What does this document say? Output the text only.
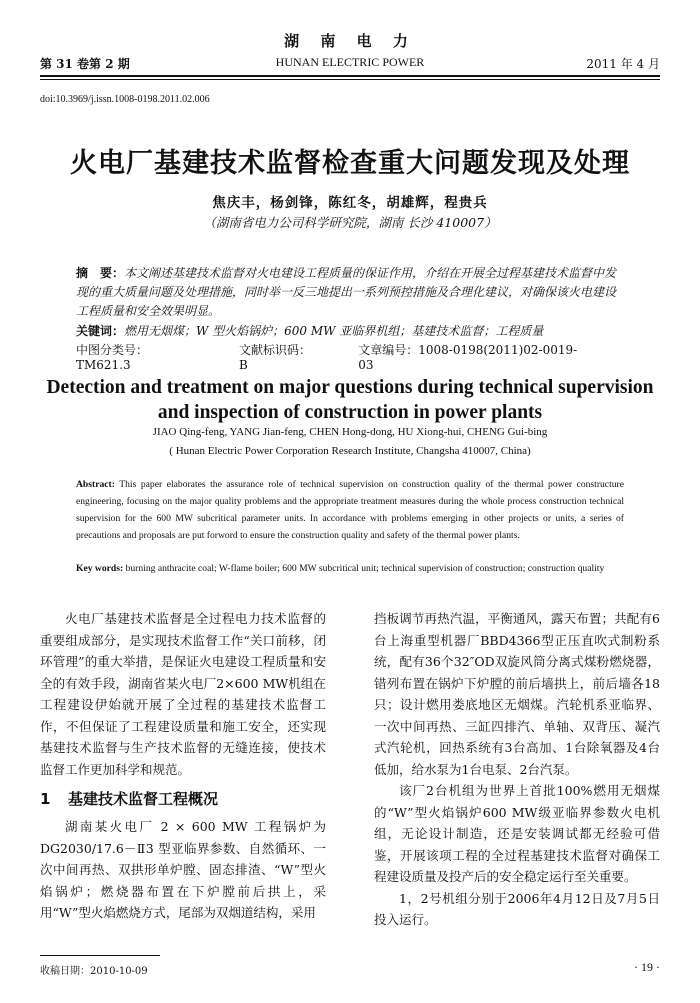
湖 南 电 力
HUNAN ELECTRIC POWER
第 31 卷第 2 期	2011 年 4 月
doi:10.3969/j.issn.1008-0198.2011.02.006
火电厂基建技术监督检查重大问题发现及处理
焦庆丰，杨剑锋，陈红冬，胡雄辉，程贵兵
（湖南省电力公司科学研究院，湖南 长沙 410007）
摘　要：本文阐述基建技术监督对火电建设工程质量的保证作用，介绍在开展全过程基建技术监督中发现的重大质量问题及处理措施，同时举一反三地提出一系列预控措施及合理化建议，对确保该火电建设工程质量和安全效果明显。
关键词：燃用无烟煤；W 型火焰锅炉；600 MW 亚临界机组；基建技术监督；工程质量
中图分类号：TM621.3
文献标识码：B
文章编号：1008-0198(2011)02-0019-03
Detection and treatment on major questions during technical supervision and inspection of construction in power plants
JIAO Qing-feng, YANG Jian-feng, CHEN Hong-dong, HU Xiong-hui, CHENG Gui-bing
( Hunan Electric Power Corporation Research Institute, Changsha 410007, China)
Abstract: This paper elaborates the assurance role of technical supervision on construction quality of the thermal power constructure engineering, focusing on the major quality problems and the appropriate treatment measures during the whole process construction technical supervision for the 600 MW subcritical parameter units. In accordance with problems emerging in other projects or units, a series of precautions and proposals are put forword to ensure the construction quality and safety of the thermal power plants.
Key words: burning anthracite coal; W-flame boiler; 600 MW subcritical unit; technical supervision of construction; construction quality

火电厂基建技术监督是全过程电力技术监督的重要组成部分，是实现技术监督工作“关口前移，闭环管理”的重大举措，是保证火电建设工程质量和安全的有效手段，湖南省某火电厂2×600 MW机组在工程建设伊始就开展了全过程的基建技术监督工作，不但保证了工程建设质量和施工安全，还实现基建技术监督与生产技术监督的无缝连接，使技术监督工作更加科学和规范。

1 基建技术监督工程概况

湖南某火电厂 2 × 600 MW 工程锅炉为 DG2030/17.6－Ⅱ3 型亚临界参数、自然循环、一次中间再热、双拱形单炉膛、固态排渣、“W”型火焰锅炉；燃烧器布置在下炉膛前后拱上，采用“W”型火焰燃烧方式，尾部为双烟道结构，采用

挡板调节再热汽温，平衡通风，露天布置；共配有6台上海重型机器厂BBD4366型正压直吹式制粉系统，配有36个32″OD双旋风筒分离式煤粉燃烧器，错列布置在锅炉下炉膛的前后墙拱上，前后墙各18只；设计燃用娄底地区无烟煤。汽轮机系亚临界、一次中间再热、三缸四排汽、单轴、双背压、凝汽式汽轮机，回热系统有3台高加、1台除氧器及4台低加，给水泵为1台电泵、2台汽泵。

该厂2台机组为世界上首批100%燃用无烟煤的“W”型火焰锅炉600 MW级亚临界参数火电机组，无论设计制造，还是安装调试都无经验可借鉴，开展该项工程的全过程基建技术监督对确保工程建设质量及投产后的安全稳定运行至关重要。

1，2号机组分别于2006年4月12日及7月5日投入运行。

收稿日期：2010-10-09	· 19 ·
